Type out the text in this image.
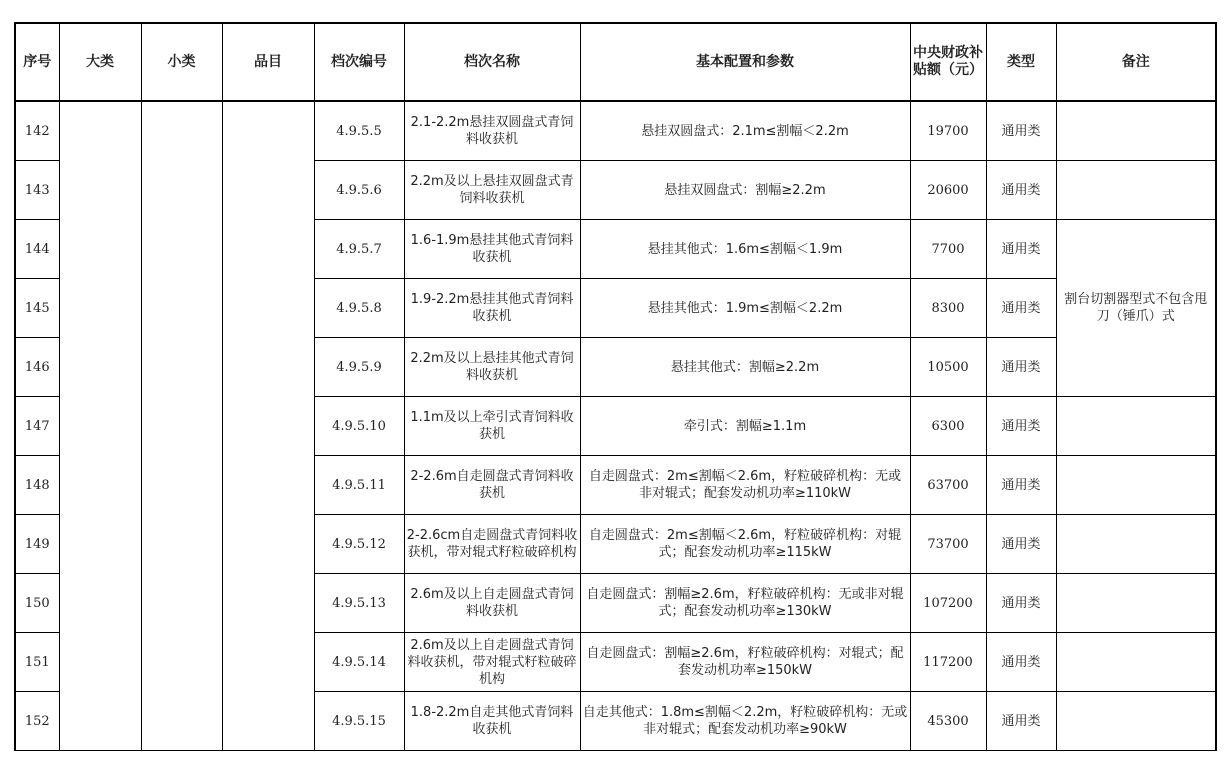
序号	大类	小类	品目	档次编号	档次名称	基本配置和参数	中央财政补贴额（元）	类型	备注
142				4.9.5.5	2.1-2.2m悬挂双圆盘式青饲料收获机	悬挂双圆盘式：2.1m≤割幅＜2.2m	19700	通用类	
143				4.9.5.6	2.2m及以上悬挂双圆盘式青饲料收获机	悬挂双圆盘式：割幅≥2.2m	20600	通用类	
144				4.9.5.7	1.6-1.9m悬挂其他式青饲料收获机	悬挂其他式：1.6m≤割幅＜1.9m	7700	通用类	割台切割器型式不包含甩刀（锤爪）式
145				4.9.5.8	1.9-2.2m悬挂其他式青饲料收获机	悬挂其他式：1.9m≤割幅＜2.2m	8300	通用类	
146				4.9.5.9	2.2m及以上悬挂其他式青饲料收获机	悬挂其他式：割幅≥2.2m	10500	通用类	
147				4.9.5.10	1.1m及以上牵引式青饲料收获机	牵引式：割幅≥1.1m	6300	通用类	
148				4.9.5.11	2-2.6m自走圆盘式青饲料收获机	自走圆盘式：2m≤割幅＜2.6m，籽粒破碎机构：无或非对辊式；配套发动机功率≥110kW	63700	通用类	
149				4.9.5.12	2-2.6cm自走圆盘式青饲料收获机，带对辊式籽粒破碎机构	自走圆盘式：2m≤割幅＜2.6m，籽粒破碎机构：对辊式；配套发动机功率≥115kW	73700	通用类	
150				4.9.5.13	2.6m及以上自走圆盘式青饲料收获机	自走圆盘式：割幅≥2.6m，籽粒破碎机构：无或非对辊式；配套发动机功率≥130kW	107200	通用类	
151				4.9.5.14	2.6m及以上自走圆盘式青饲料收获机，带对辊式籽粒破碎机构	自走圆盘式：割幅≥2.6m，籽粒破碎机构：对辊式；配套发动机功率≥150kW	117200	通用类	
152				4.9.5.15	1.8-2.2m自走其他式青饲料收获机	自走其他式：1.8m≤割幅＜2.2m，籽粒破碎机构：无或非对辊式；配套发动机功率≥90kW	45300	通用类	
